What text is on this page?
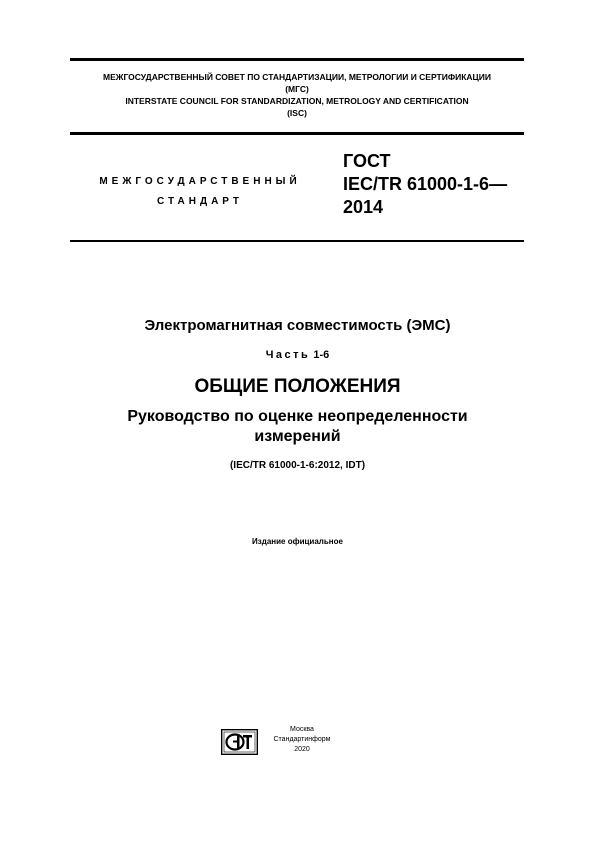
МЕЖГОСУДАРСТВЕННЫЙ СОВЕТ ПО СТАНДАРТИЗАЦИИ, МЕТРОЛОГИИ И СЕРТИФИКАЦИИ
(МГС)
INTERSTATE COUNCIL FOR STANDARDIZATION, METROLOGY AND CERTIFICATION
(ISC)
МЕЖГОСУДАРСТВЕННЫЙ
СТАНДАРТ
ГОСТ
IEC/TR 61000-1-6—
2014
Электромагнитная совместимость (ЭМС)
Часть 1-6
ОБЩИЕ ПОЛОЖЕНИЯ
Руководство по оценке неопределенности измерений
(IEC/TR 61000-1-6:2012, IDT)
Издание официальное
Москва
Стандартинформ
2020
